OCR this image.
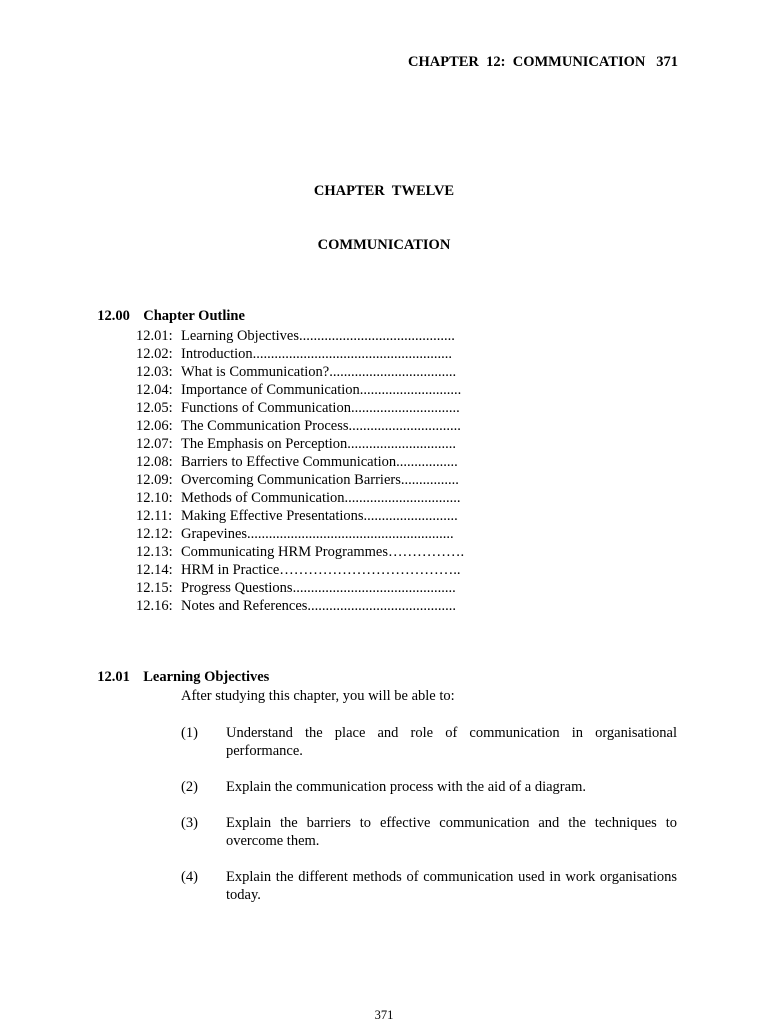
CHAPTER  12:  COMMUNICATION   371
CHAPTER  TWELVE
COMMUNICATION

12.00 Chapter Outline

12.01: Learning Objectives...........................................
12.02: Introduction.......................................................
12.03: What is Communication?...................................
12.04: Importance of Communication............................
12.05: Functions of Communication..............................
12.06: The Communication Process...............................
12.07: The Emphasis on Perception..............................
12.08: Barriers to Effective Communication.................
12.09: Overcoming Communication Barriers................
12.10: Methods of Communication................................
12.11: Making Effective Presentations..........................
12.12: Grapevines.........................................................
12.13: Communicating HRM Programmes…………….
12.14: HRM in Practice………………………………..
12.15: Progress Questions.............................................
12.16: Notes and References.........................................

12.01 Learning Objectives

After studying this chapter, you will be able to:
(1) Understand the place and role of communication in organisational performance.
(2) Explain the communication process with the aid of a diagram.
(3) Explain the barriers to effective communication and the techniques to overcome them.
(4) Explain the different methods of communication used in work organisations today.
371
